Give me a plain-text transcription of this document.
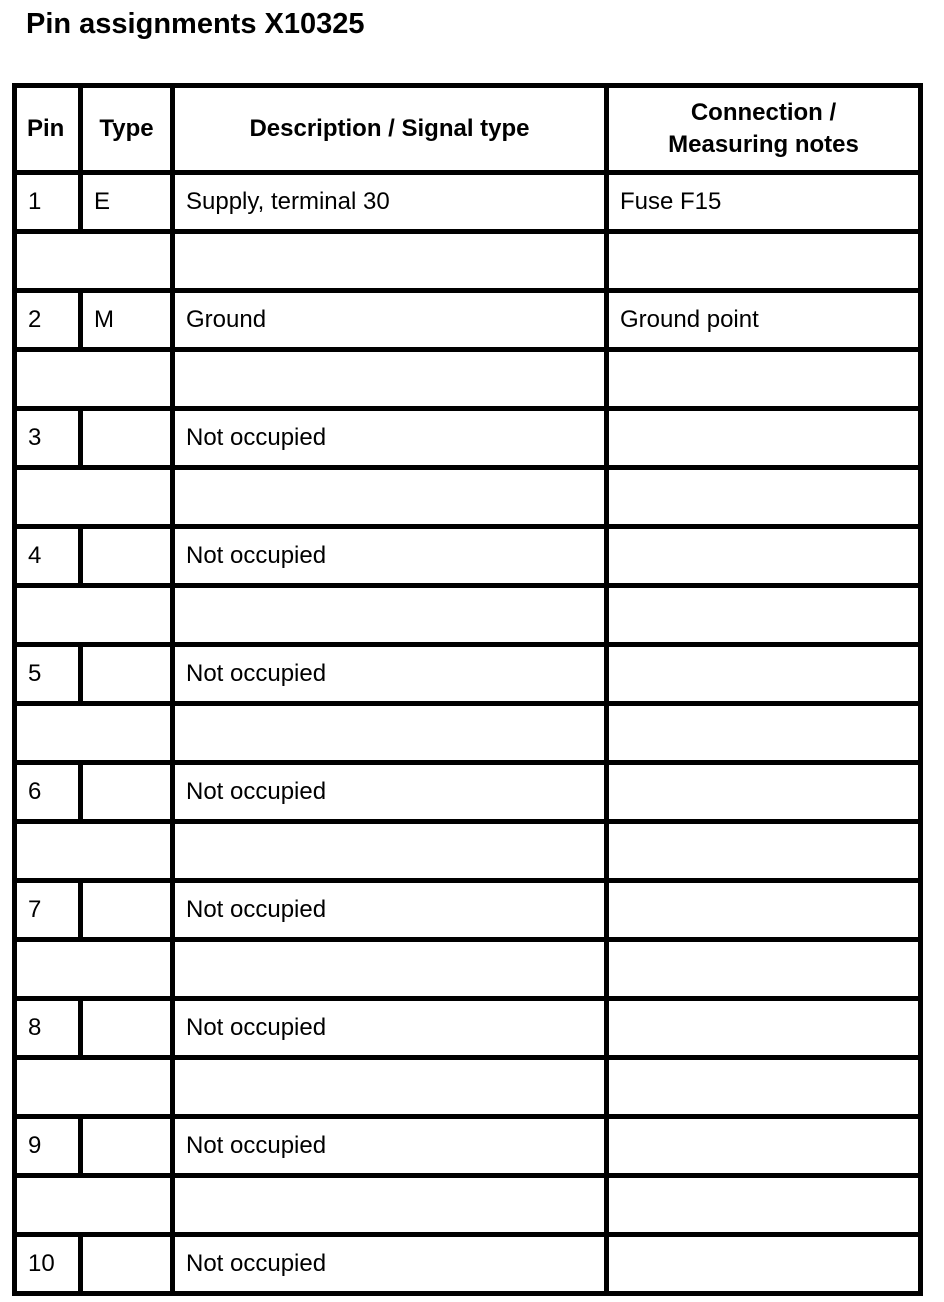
Pin assignments X10325
Pin	Type	Description / Signal type	Connection / Measuring notes
1	E	Supply, terminal 30	Fuse F15

2	M	Ground	Ground point

3		Not occupied	

4		Not occupied	

5		Not occupied	

6		Not occupied	

7		Not occupied	

8		Not occupied	

9		Not occupied	

10		Not occupied	
